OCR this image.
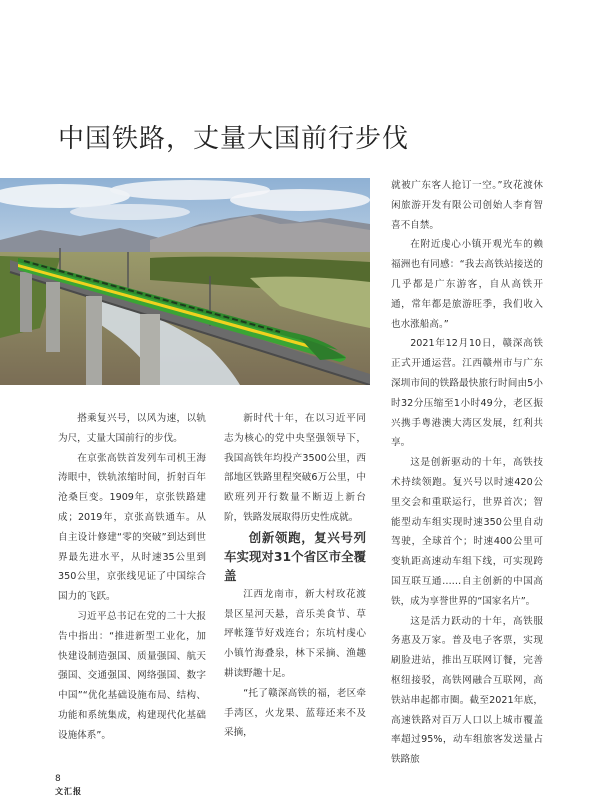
中国铁路，丈量大国前行步伐

搭乘复兴号，以风为速，以轨为尺，丈量大国前行的步伐。

在京张高铁首发列车司机王海涛眼中，铁轨浓缩时间，折射百年沧桑巨变。1909年，京张铁路建成；2019年，京张高铁通车。从自主设计修建“零的突破”到达到世界最先进水平，从时速35公里到350公里，京张线见证了中国综合国力的飞跃。

习近平总书记在党的二十大报告中指出：“推进新型工业化，加快建设制造强国、质量强国、航天强国、交通强国、网络强国、数字中国”“优化基础设施布局、结构、功能和系统集成，构建现代化基础设施体系”。

新时代十年，在以习近平同志为核心的党中央坚强领导下，我国高铁年均投产3500公里，西部地区铁路里程突破6万公里，中欧班列开行数量不断迈上新台阶，铁路发展取得历史性成就。

创新领跑，复兴号列车实现对31个省区市全覆盖

江西龙南市，新大村玫花渡景区星河天悬，音乐美食节、草坪帐篷节好戏连台；东坑村虔心小镇竹海叠泉，林下采摘、渔趣耕读野趣十足。

“托了赣深高铁的福，老区牵手湾区，火龙果、蓝莓还来不及采摘，

就被广东客人抢订一空。”玫花渡休闲旅游开发有限公司创始人李育智喜不自禁。

在附近虔心小镇开观光车的赖福洲也有同感：“我去高铁站接送的几乎都是广东游客，自从高铁开通，常年都是旅游旺季，我们收入也水涨船高。”

2021年12月10日，赣深高铁正式开通运营。江西赣州市与广东深圳市间的铁路最快旅行时间由5小时32分压缩至1小时49分，老区振兴携手粤港澳大湾区发展，红利共享。

这是创新驱动的十年，高铁技术持续领跑。复兴号以时速420公里交会和重联运行，世界首次；智能型动车组实现时速350公里自动驾驶，全球首个；时速400公里可变轨距高速动车组下线，可实现跨国互联互通……自主创新的中国高铁，成为享誉世界的“国家名片”。

这是活力跃动的十年，高铁服务惠及万家。普及电子客票，实现刷脸进站，推出互联网订餐，完善枢纽接驳，高铁网融合互联网，高铁站串起都市圈。截至2021年底，高速铁路对百万人口以上城市覆盖率超过95%，动车组旅客发送量占铁路旅

8
文汇报
